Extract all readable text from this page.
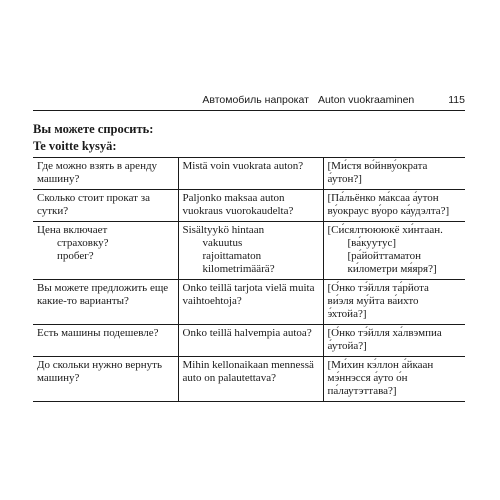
Автомобиль напрокат Auton vuokraaminen	115
Вы можете спросить:
Te voitte kysyä:
Где можно взять в аренду
машину?	Mistä voin vuokrata auton?	[Ми́стя во́йнву́ократа
а́утон?]

Сколько стоит прокат за
сутки?	Paljonko maksaa auton
vuokraus vuorokaudelta?	[Па́льёнко ма́ксаа а́утон
ву́окраус ву́оро ка́удэлта?]

Цена включает
страховку?
пробег?	Sisältyykö hintaan
vakuutus
rajoittamaton
kilometrimäärä?	[Си́сялтюююкё хи́нтаан.
[ва́куутус]
[ра́йойттаматон
ки́лометри мя́яря?]

Вы можете предложить еще
какие-то варианты?	Onko teillä tarjota vielä muita
vaihtoehtoja?	[О́нко тэ́йлля та́рйота
ви́эля му́йта ва́ихто
э́хтойа?]

Есть машины подешевле?	Onko teillä halvempia autoa?	[О́нко тэ́йлля ха́лвэмпиа
а́утойа?]

До скольки нужно вернуть
машину?	Mihin kellonaikaan mennessä
auto on palautettava?	[Ми́хин кэ́ллон а́йкаан
мэ́ннэсся а́уто о́н
па́лаутэттава?]
